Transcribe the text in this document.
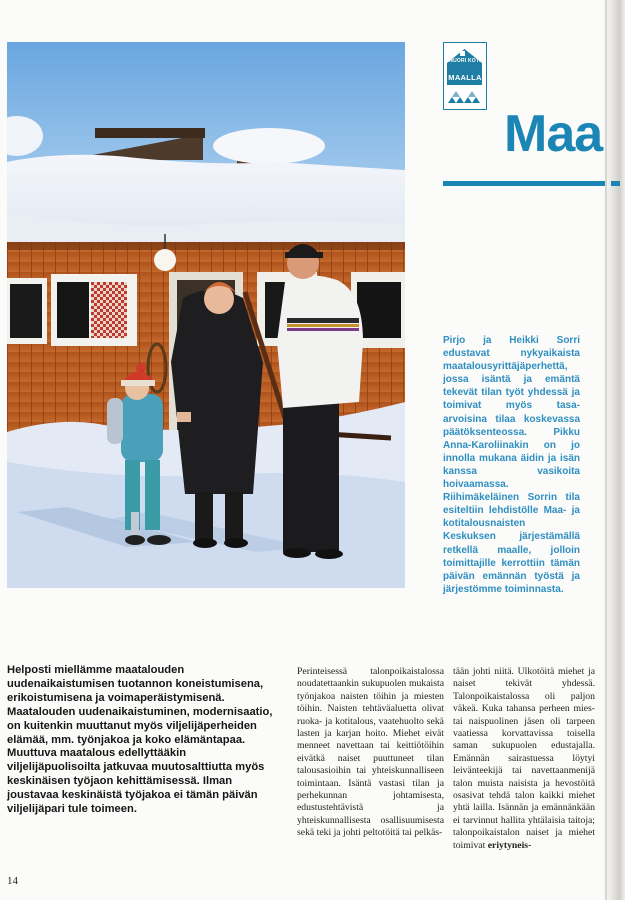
NUORI KOTI
MAALLA
Maa

Pirjo ja Heikki Sorri edustavat nykyaikaista maatalousyrittäjäperhettä, jossa isäntä ja emäntä tekevät tilan työt yhdessä ja toimivat myös tasa-arvoisina tilaa koskevassa päätöksenteossa. Pikku Anna-Karoliinakin on jo innolla mukana äidin ja isän kanssa vasikoita hoivaamassa. Riihimäkeläinen Sorrin tila esiteltiin lehdistölle Maa- ja kotitalousnaisten Keskuksen järjestämällä retkellä maalle, jolloin toimittajille kerrottiin tämän päivän emännän työstä ja järjestömme toiminnasta.

Helposti miellämme maatalouden uudenaikaistumisen tuotannon koneistumisena, erikoistumisena ja voimaperäistymisenä. Maatalouden uudenaikaistuminen, modernisaatio, on kuitenkin muuttanut myös viljelijäperheiden elämää, mm. työnjakoa ja koko elämäntapaa. Muuttuva maatalous edellyttääkin viljelijäpuolisoilta jatkuvaa muutosalttiutta myös keskinäisen työjaon kehittämisessä. Ilman joustavaa keskinäistä työjakoa ei tämän päivän viljelijäpari tule toimeen.

Perinteisessä talonpoikaistalossa noudatettaankin sukupuolen mukaista työnjakoa naisten töihin ja miesten töihin. Naisten tehtäväaluetta olivat ruoka- ja kotitalous, vaatehuolto sekä lasten ja karjan hoito. Miehet eivät menneet navettaan tai keittiötöihin eivätkä naiset puuttuneet tilan talousasioihin tai yhteiskunnalliseen toimintaan. Isäntä vastasi tilan ja perhekunnan johtamisesta, edustustehtävistä ja yhteiskunnallisesta osallisuumisesta sekä teki ja johti peltotöitä tai pelkäs-

tään johti niitä. Ulkotöitä miehet ja naiset tekivät yhdessä. Talonpoikaistalossa oli paljon väkeä. Kuka tahansa perheen mies- tai naispuolinen jäsen oli tarpeen vaatiessa korvattavissa toisella saman sukupuolen edustajalla. Emännän sairastuessa löytyi leivänteekijä tai navettaanmenijä talon muista naisista ja hevostöitä osasivat tehdä talon kaikki miehet yhtä lailla. Isännän ja emännänkään ei tarvinnut hallita yhtälaisia taitoja; talonpoikaistalon naiset ja miehet toimivat eriytyneis-

14
